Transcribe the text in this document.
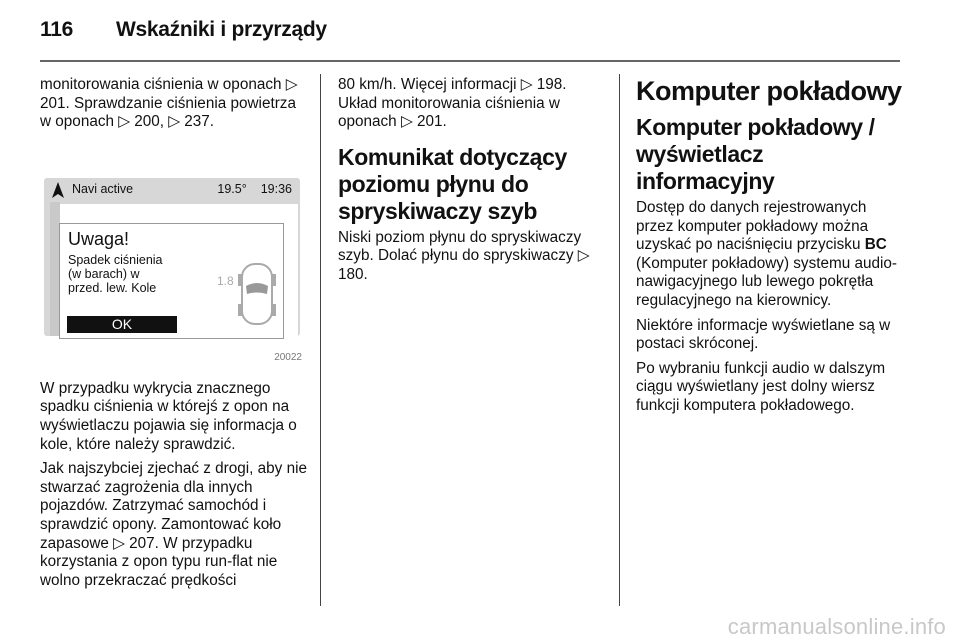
116 Wskaźniki i przyrządy

monitorowania ciśnienia w oponach ▷ 201. Sprawdzanie ciśnienia powietrza w oponach ▷ 200, ▷ 237.

Navi active	19.5° 19:36
Uwaga!
Spadek ciśnienia
(w barach) w
przed. lew. Kole
OK
1.8
20022

W przypadku wykrycia znacznego spadku ciśnienia w którejś z opon na wyświetlaczu pojawia się informacja o kole, które należy sprawdzić.

Jak najszybciej zjechać z drogi, aby nie stwarzać zagrożenia dla innych pojazdów. Zatrzymać samochód i sprawdzić opony. Zamontować koło zapasowe ▷ 207. W przypadku korzystania z opon typu run-flat nie wolno przekraczać prędkości

80 km/h. Więcej informacji ▷ 198. Układ monitorowania ciśnienia w oponach ▷ 201.

Komunikat dotyczący poziomu płynu do spryskiwaczy szyb

Niski poziom płynu do spryskiwaczy szyb. Dolać płynu do spryskiwaczy ▷ 180.

Komputer pokładowy
Komputer pokładowy / wyświetlacz informacyjny

Dostęp do danych rejestrowanych przez komputer pokładowy można uzyskać po naciśnięciu przycisku BC (Komputer pokładowy) systemu audio-nawigacyjnego lub lewego pokrętła regulacyjnego na kierownicy.

Niektóre informacje wyświetlane są w postaci skróconej.

Po wybraniu funkcji audio w dalszym ciągu wyświetlany jest dolny wiersz funkcji komputera pokładowego.

carmanualsonline.info
